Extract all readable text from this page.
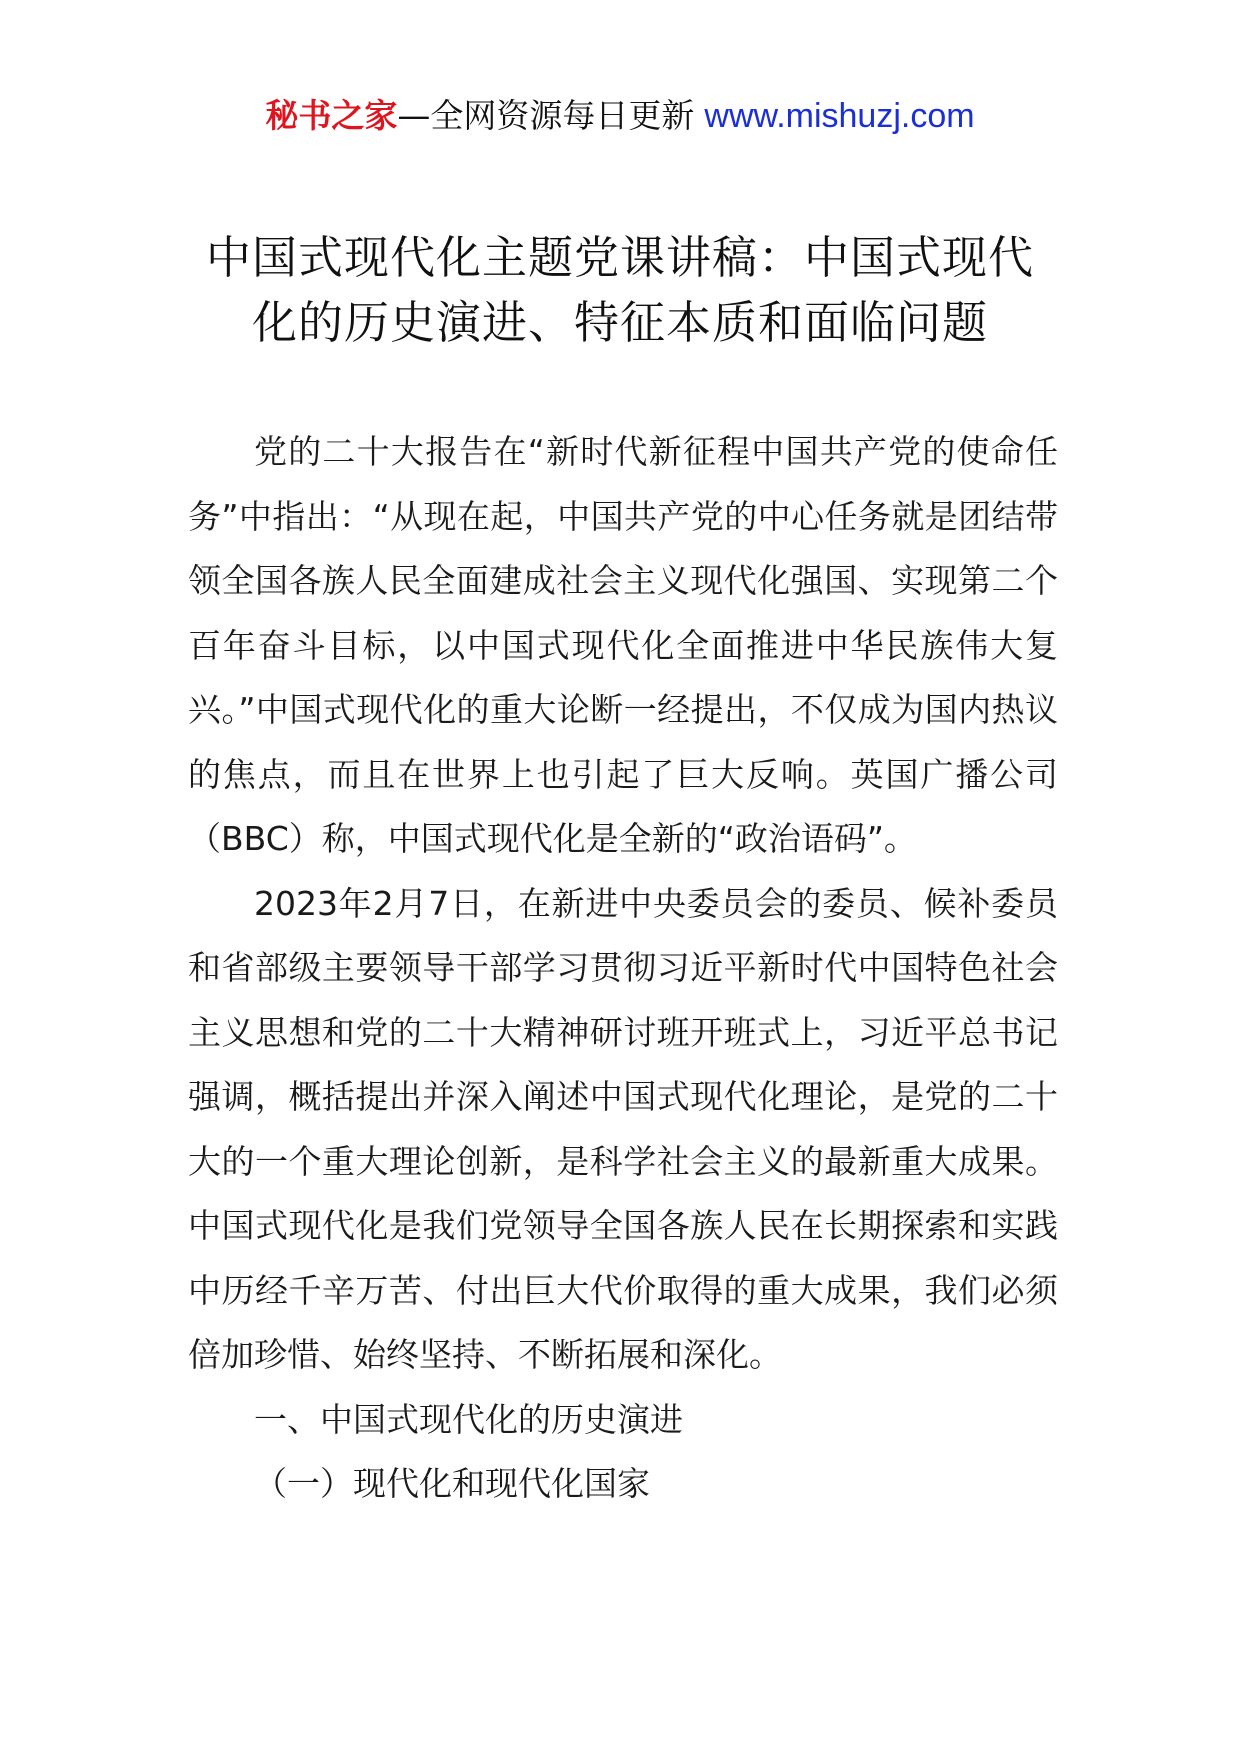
秘书之家—全网资源每日更新 www.mishuzj.com
中国式现代化主题党课讲稿：中国式现代
化的历史演进、特征本质和面临问题

党的二十大报告在“新时代新征程中国共产党的使命任务”中指出：“从现在起，中国共产党的中心任务就是团结带领全国各族人民全面建成社会主义现代化强国、实现第二个百年奋斗目标，以中国式现代化全面推进中华民族伟大复兴。”中国式现代化的重大论断一经提出，不仅成为国内热议的焦点，而且在世界上也引起了巨大反响。英国广播公司（BBC）称，中国式现代化是全新的“政治语码”。

2023年2月7日，在新进中央委员会的委员、候补委员和省部级主要领导干部学习贯彻习近平新时代中国特色社会主义思想和党的二十大精神研讨班开班式上，习近平总书记强调，概括提出并深入阐述中国式现代化理论，是党的二十大的一个重大理论创新，是科学社会主义的最新重大成果。中国式现代化是我们党领导全国各族人民在长期探索和实践中历经千辛万苦、付出巨大代价取得的重大成果，我们必须倍加珍惜、始终坚持、不断拓展和深化。

一、中国式现代化的历史演进

（一）现代化和现代化国家
